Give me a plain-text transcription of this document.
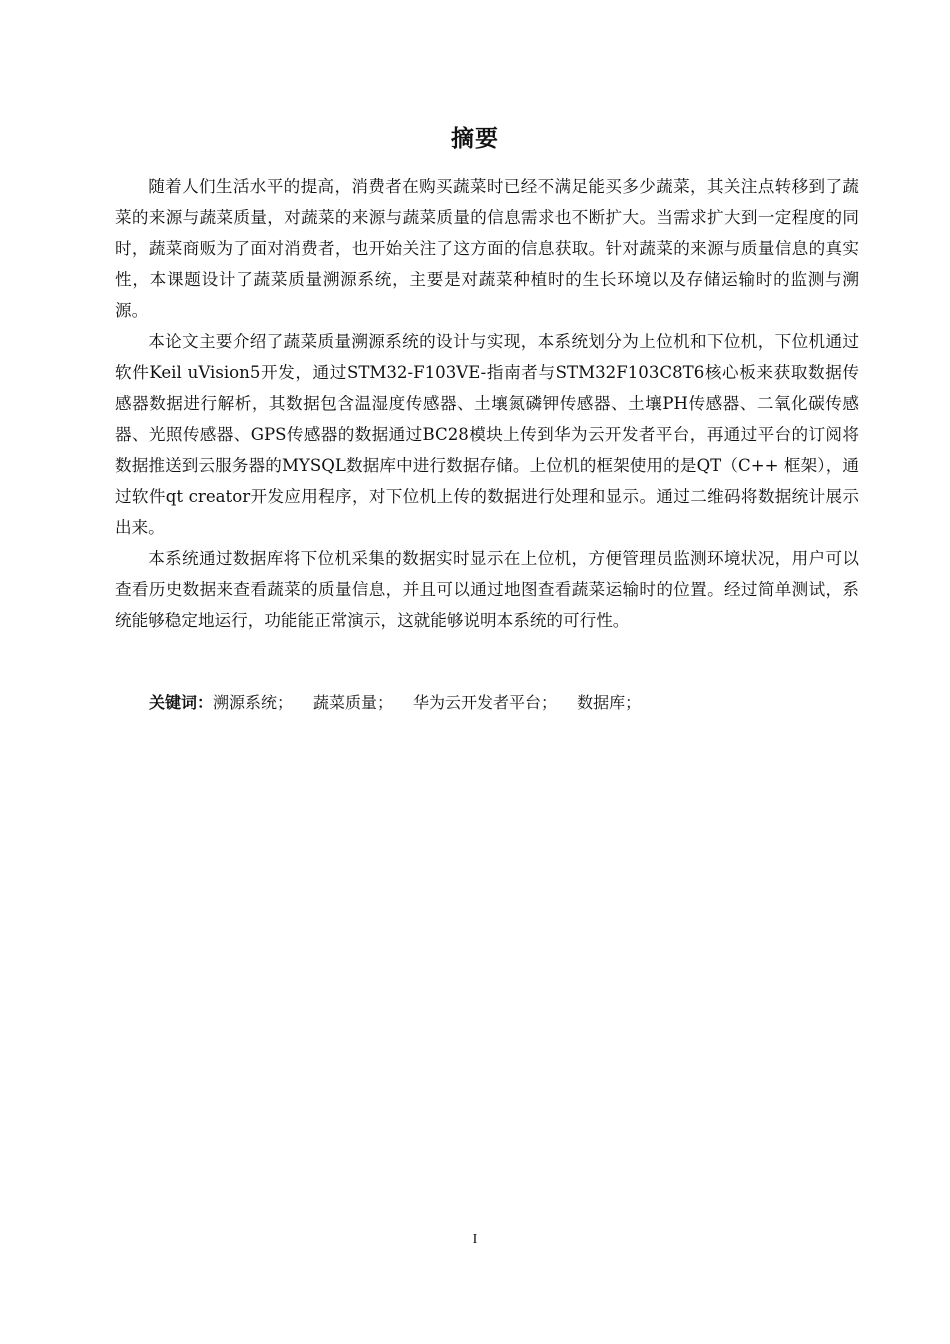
摘要

随着人们生活水平的提高，消费者在购买蔬菜时已经不满足能买多少蔬菜，其关注点转移到了蔬菜的来源与蔬菜质量，对蔬菜的来源与蔬菜质量的信息需求也不断扩大。当需求扩大到一定程度的同时，蔬菜商贩为了面对消费者，也开始关注了这方面的信息获取。针对蔬菜的来源与质量信息的真实性，本课题设计了蔬菜质量溯源系统，主要是对蔬菜种植时的生长环境以及存储运输时的监测与溯源。

本论文主要介绍了蔬菜质量溯源系统的设计与实现，本系统划分为上位机和下位机，下位机通过软件Keil uVision5开发，通过STM32-F103VE-指南者与STM32F103C8T6核心板来获取数据传感器数据进行解析，其数据包含温湿度传感器、土壤氮磷钾传感器、土壤PH传感器、二氧化碳传感器、光照传感器、GPS传感器的数据通过BC28模块上传到华为云开发者平台，再通过平台的订阅将数据推送到云服务器的MYSQL数据库中进行数据存储。上位机的框架使用的是QT（C++ 框架），通过软件qt creator开发应用程序，对下位机上传的数据进行处理和显示。通过二维码将数据统计展示出来。

本系统通过数据库将下位机采集的数据实时显示在上位机，方便管理员监测环境状况，用户可以查看历史数据来查看蔬菜的质量信息，并且可以通过地图查看蔬菜运输时的位置。经过简单测试，系统能够稳定地运行，功能能正常演示，这就能够说明本系统的可行性。

关键词：溯源系统； 蔬菜质量； 华为云开发者平台； 数据库；
I
